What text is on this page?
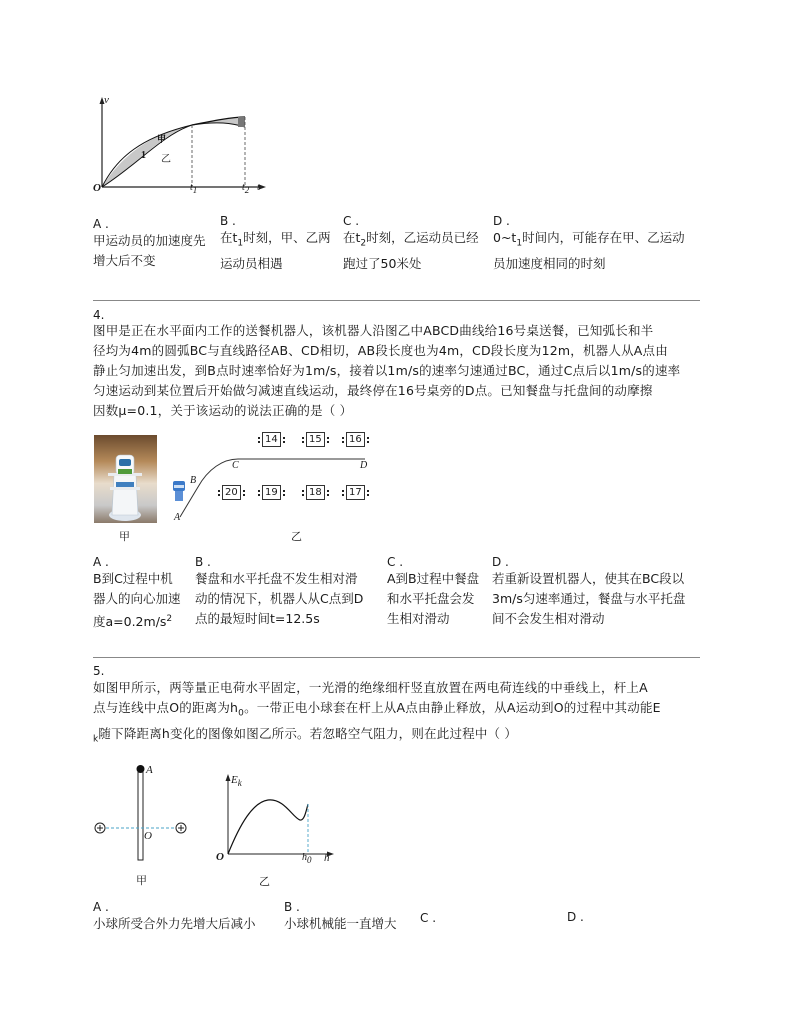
v
t
O	t1	t2
甲
乙
1
A .
甲运动员的加速度先
增大后不变
B .
在$t_1$时刻，甲、乙两
运动员相遇
C .
在$t_2$时刻，乙运动员已经
跑过了50米处
D .
$0\sim t_1$时间内，可能存在甲、乙运动
员加速度相同的时刻
4.
图甲是正在水平面内工作的送餐机器人，该机器人沿图乙中ABCD曲线给16号桌送餐，已知弧长和半
径均为4m的圆弧BC与直线路径AB、CD相切，AB段长度也为4m，CD段长度为12m，机器人从A点由
静止匀加速出发，到B点时速率恰好为1m/s，接着以1m/s的速率匀速通过BC，通过C点后以1m/s的速率
匀速运动到某位置后开始做匀减速直线运动，最终停在16号桌旁的D点。已知餐盘与托盘间的动摩擦
因数μ=0.1，关于该运动的说法正确的是（ ）
甲
A
B
C	D
14	15	16
20	19	18	17
乙
A .
B到C过程中机
器人的向心加速
度$a=0.2m/s^2$
B .
餐盘和水平托盘不发生相对滑
动的情况下，机器人从C点到D
点的最短时间t=12.5s
C .
A到B过程中餐盘
和水平托盘会发
生相对滑动
D .
若重新设置机器人，使其在BC段以
3m/s匀速率通过，餐盘与水平托盘
间不会发生相对滑动
5.
如图甲所示，两等量正电荷水平固定，一光滑的绝缘细杆竖直放置在两电荷连线的中垂线上，杆上A
点与连线中点O的距离为$h_0$。一带正电小球套在杆上从A点由静止释放，从A运动到O的过程中其动能E
$_k$随下降距离h变化的图像如图乙所示。若忽略空气阻力，则在此过程中（ ）
A
O
甲
$E_k$
O	h0 h
乙
A .
小球所受合外力先增大后减小
B .
小球机械能一直增大	C .	D .
